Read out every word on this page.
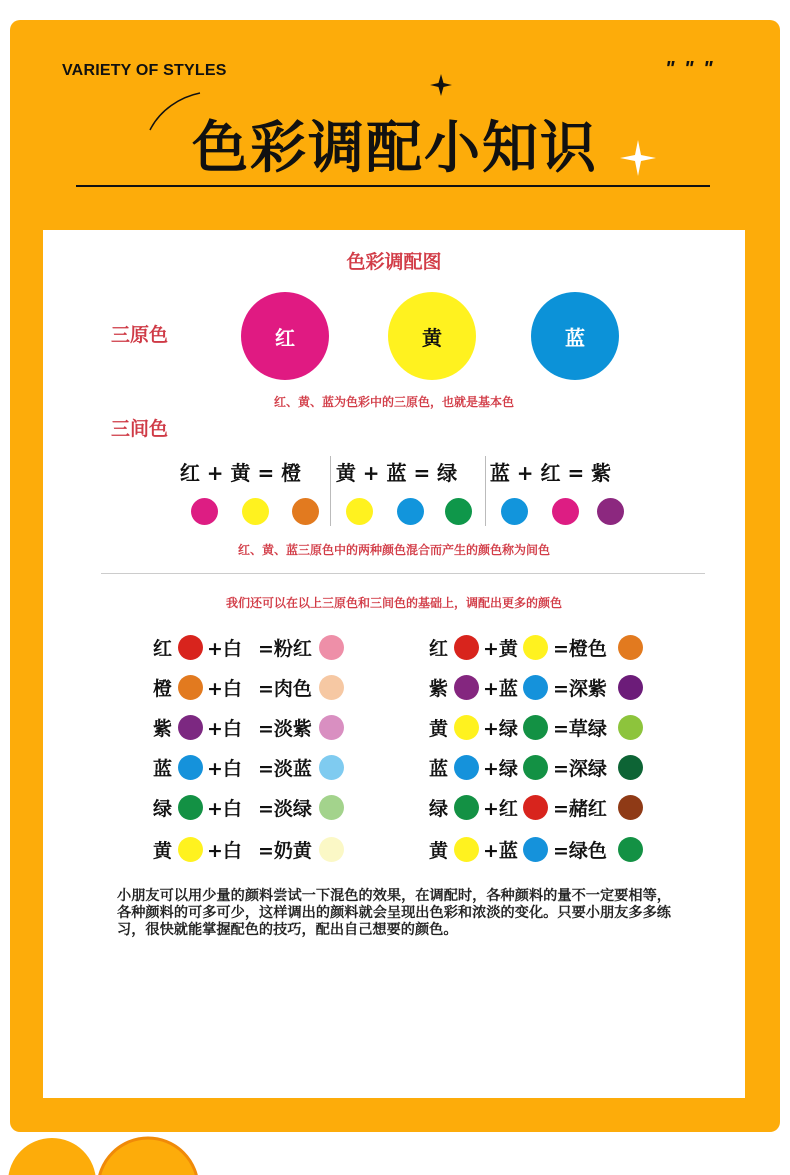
VARIETY OF STYLES	" " "
色彩调配小知识
色彩调配图
三原色	红	黄	蓝
红、黄、蓝为色彩中的三原色，也就是基本色
三间色
红 + 黄 = 橙	黄 + 蓝 = 绿	蓝 + 红 = 紫
红、黄、蓝三原色中的两种颜色混合而产生的颜色称为间色
我们还可以在以上三原色和三间色的基础上，调配出更多的颜色
红 +白 =粉红
橙 +白 =肉色
紫 +白 =淡紫
蓝 +白 =淡蓝
绿 +白 =淡绿
黄 +白 =奶黄
红 +黄 =橙色
紫 +蓝 =深紫
黄 +绿 =草绿
蓝 +绿 =深绿
绿 +红 =赭红
黄 +蓝 =绿色
小朋友可以用少量的颜料尝试一下混色的效果，在调配时，各种颜料的量不一定要相等，各种颜料的可多可少，这样调出的颜料就会呈现出色彩和浓淡的变化。只要小朋友多多练习，很快就能掌握配色的技巧，配出自己想要的颜色。
